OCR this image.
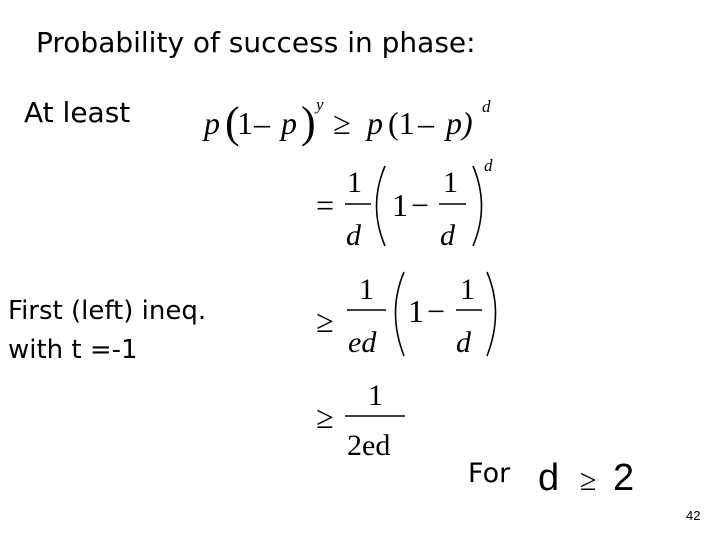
Probability of success in phase:
At least
First (left) ineq.
with t =-1
For
42
p (
1 – p ) y
≥ p (1 – p) d
=
1
d
1 −
1
d
d
≥
1
ed
1 −
1
d
≥
1
2ed
d ≥ 2
